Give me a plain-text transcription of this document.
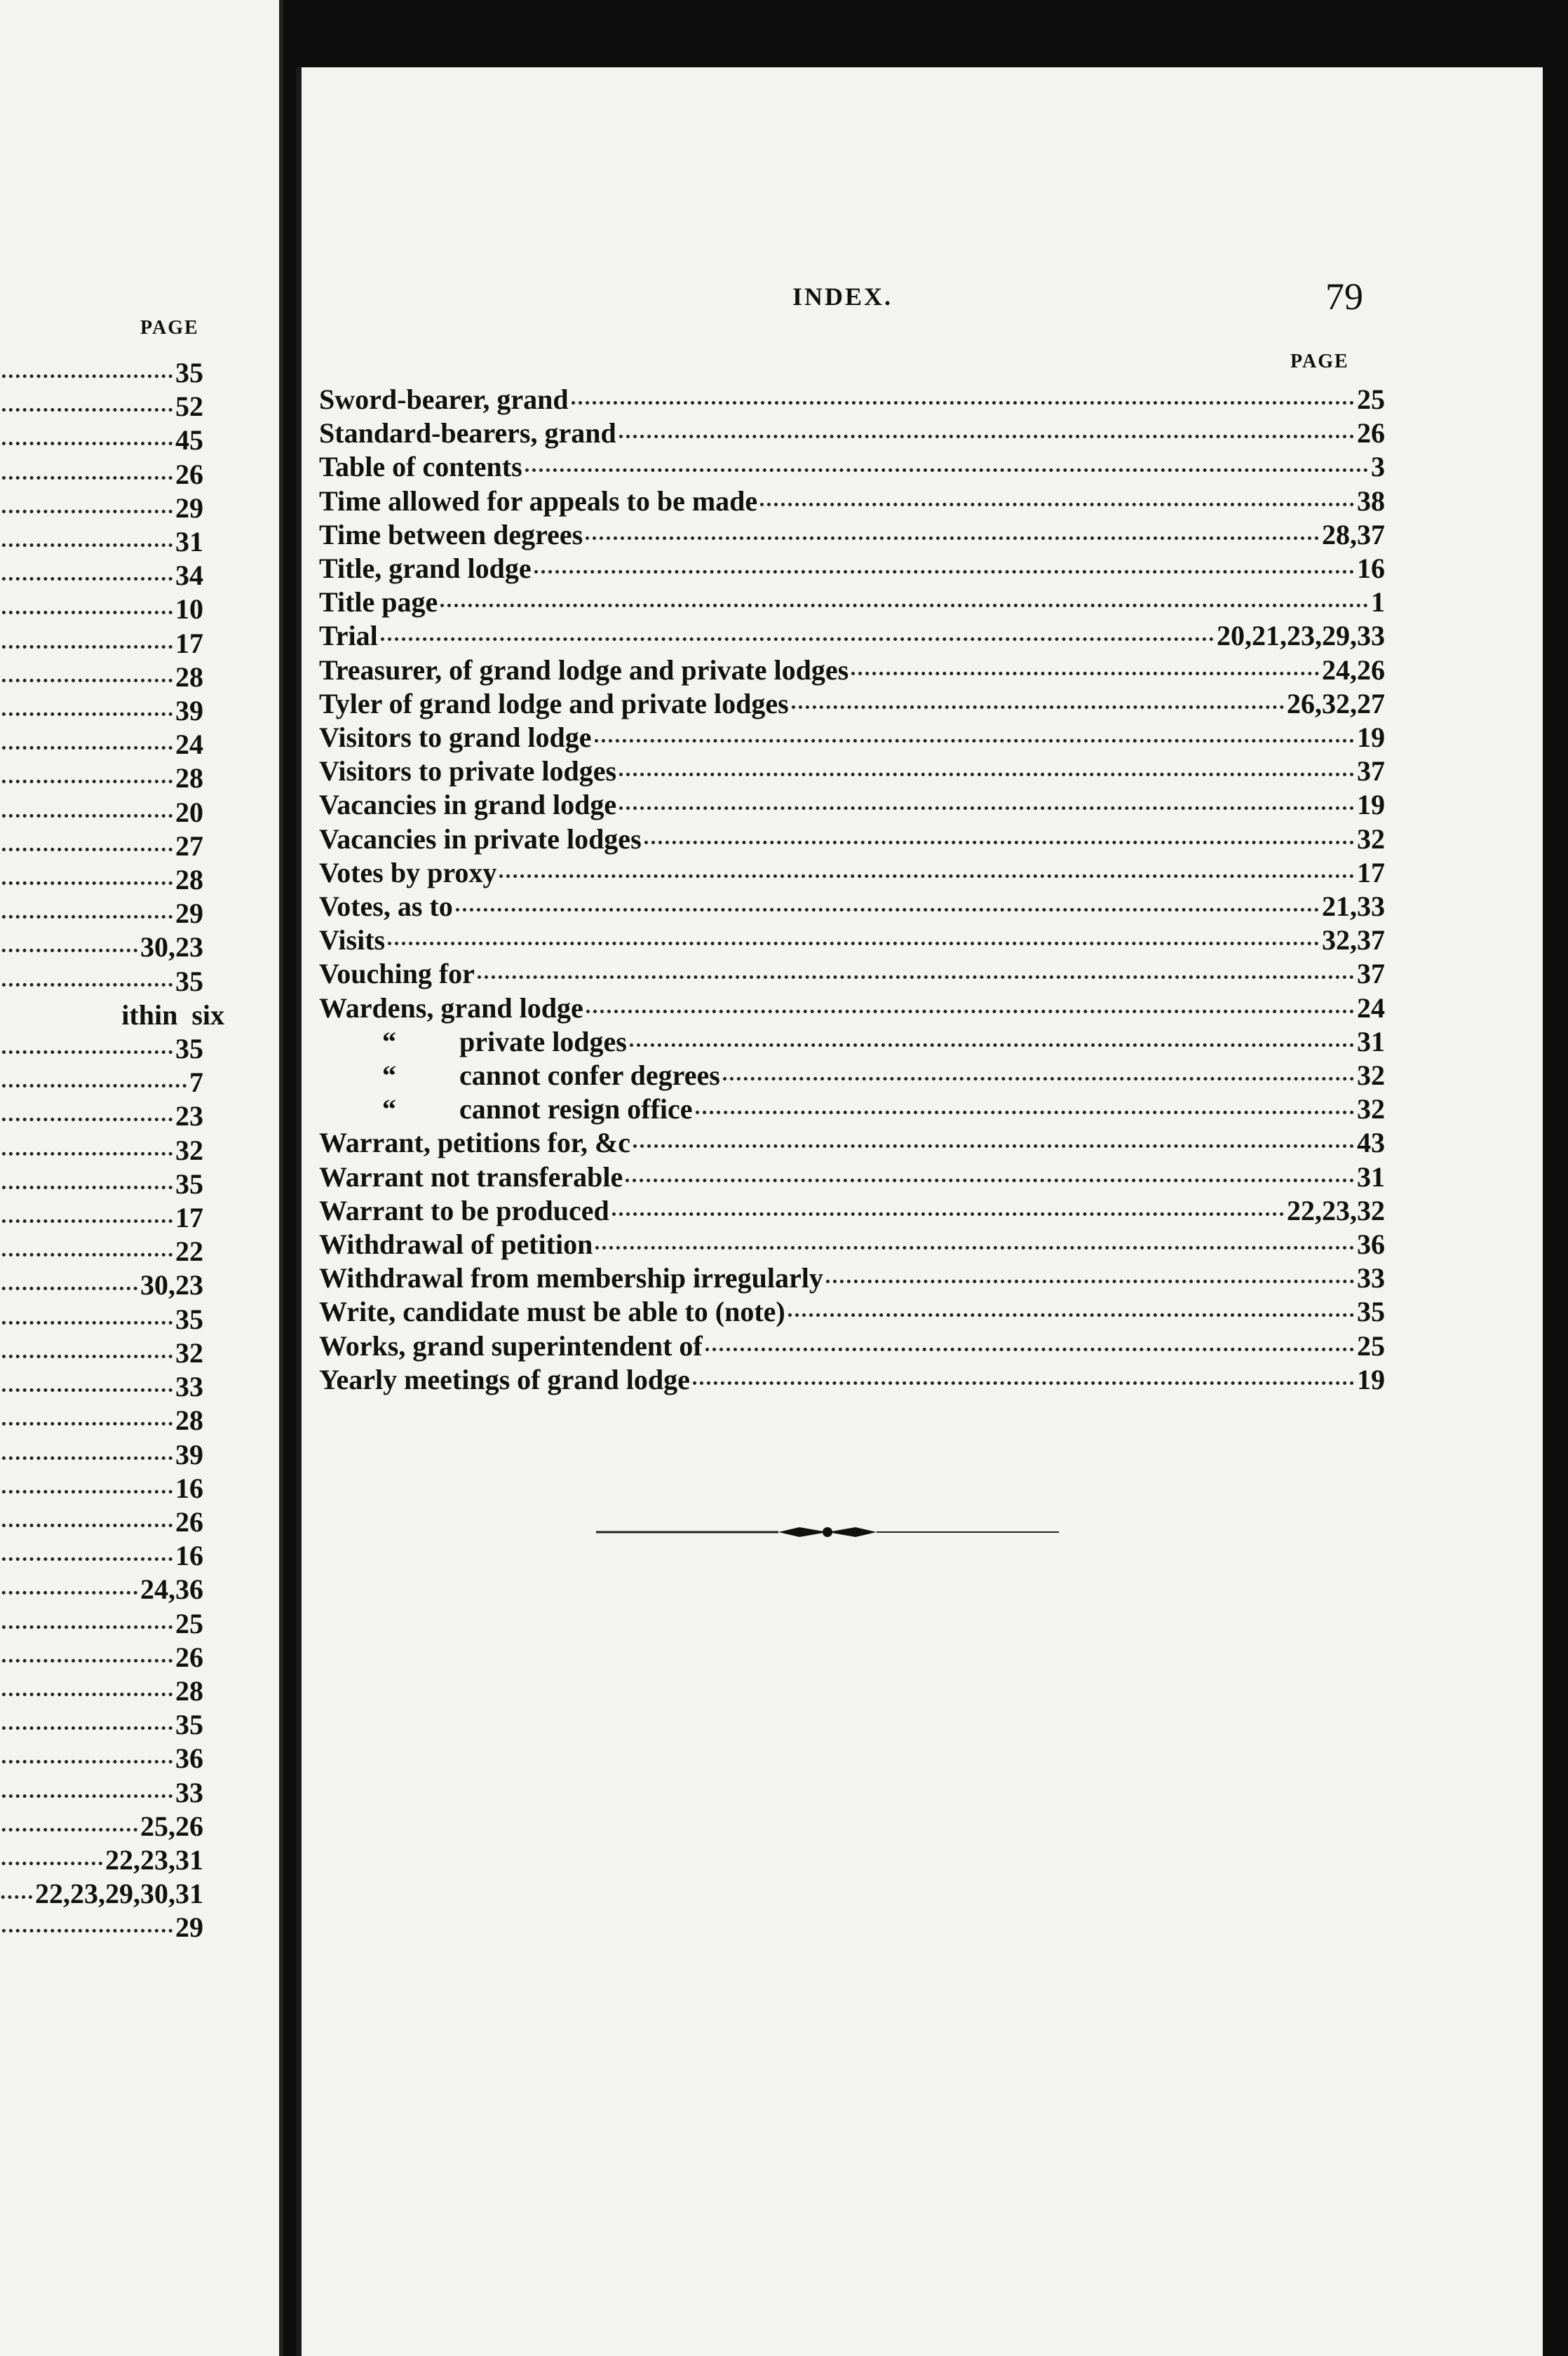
PAGE
35
52
45
26
29
31
34
10
17
28
39
24
28
20
27
28
29
30,23
35
ithin  six
35
7
23
32
35
17
22
30,23
35
32
33
28
39
16
26
16
24,36
25
26
28
35
36
33
25,26
22,23,31
22,23,29,30,31
29
INDEX.	79
PAGE
Sword-bearer, grand	25
Standard-bearers, grand	26
Table of contents	3
Time allowed for appeals to be made	38
Time between degrees	28,37
Title, grand lodge	16
Title page	1
Trial	20,21,23,29,33
Treasurer, of grand lodge and private lodges	24,26
Tyler of grand lodge and private lodges	26,32,27
Visitors to grand lodge	19
Visitors to private lodges	37
Vacancies in grand lodge	19
Vacancies in private lodges	32
Votes by proxy	17
Votes, as to	21,33
Visits	32,37
Vouching for	37
Wardens, grand lodge	24
“ private lodges	31
“ cannot confer degrees	32
“ cannot resign office	32
Warrant, petitions for, &c	43
Warrant not transferable	31
Warrant to be produced	22,23,32
Withdrawal of petition	36
Withdrawal from membership irregularly	33
Write, candidate must be able to (note)	35
Works, grand superintendent of	25
Yearly meetings of grand lodge	19
